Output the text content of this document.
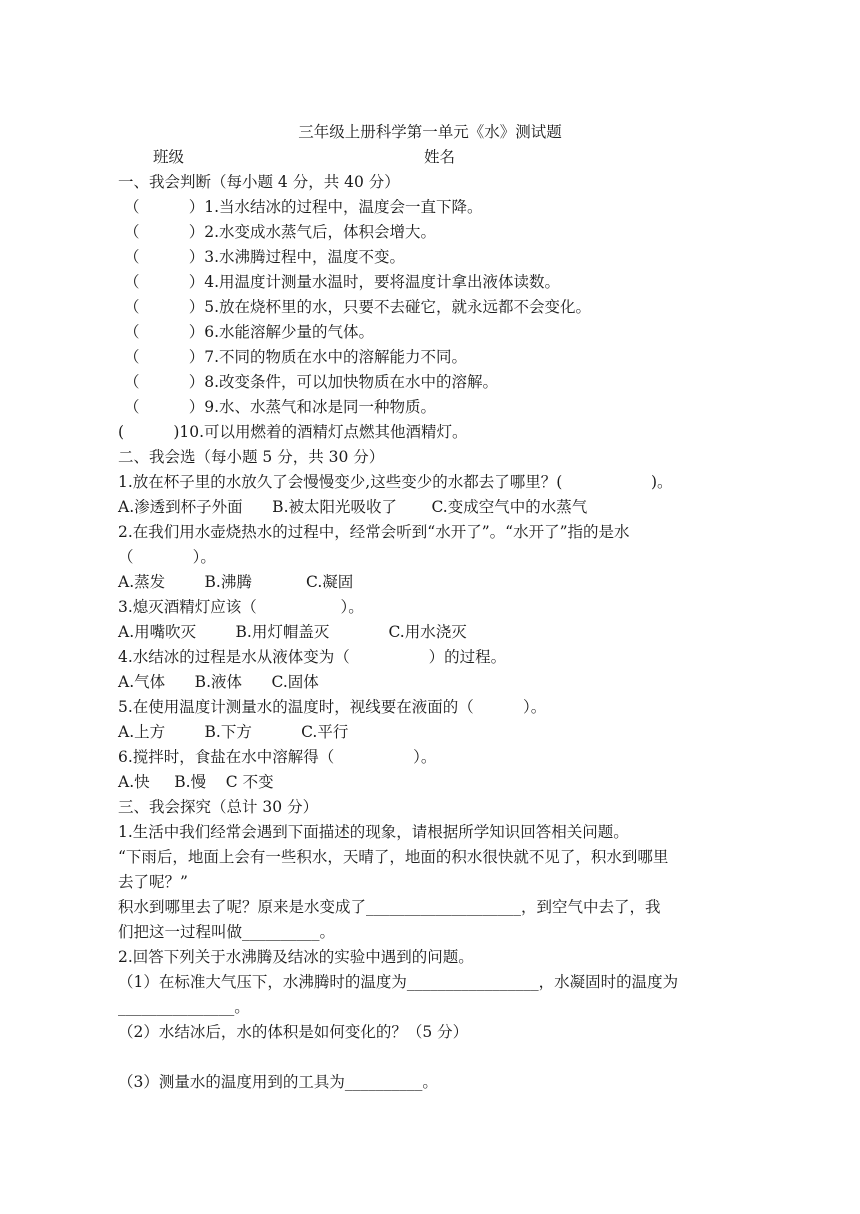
三年级上册科学第一单元《水》测试题
班级	姓名
一、我会判断（每小题 4 分，共 40 分）
（          ）1.当水结冰的过程中，温度会一直下降。
（          ）2.水变成水蒸气后，体积会增大。
（          ）3.水沸腾过程中，温度不变。
（          ）4.用温度计测量水温时，要将温度计拿出液体读数。
（          ）5.放在烧杯里的水，只要不去碰它，就永远都不会变化。
（          ）6.水能溶解少量的气体。
（          ）7.不同的物质在水中的溶解能力不同。
（          ）8.改变条件，可以加快物质在水中的溶解。
（          ）9.水、水蒸气和冰是同一种物质。
(          )10.可以用燃着的酒精灯点燃其他酒精灯。
二、我会选（每小题 5 分，共 30 分）
1.放在杯子里的水放久了会慢慢变少,这些变少的水都去了哪里？(                  )。
A.渗透到杯子外面      B.被太阳光吸收了       C.变成空气中的水蒸气
2.在我们用水壶烧热水的过程中，经常会听到“水开了”。“水开了”指的是水
（            ）。
A.蒸发        B.沸腾           C.凝固
3.熄灭酒精灯应该（                 ）。
A.用嘴吹灭        B.用灯帽盖灭            C.用水浇灭
4.水结冰的过程是水从液体变为（                ）的过程。
A.气体      B.液体      C.固体
5.在使用温度计测量水的温度时，视线要在液面的（          ）。
A.上方        B.下方          C.平行
6.搅拌时，食盐在水中溶解得（                ）。
A.快     B.慢    C 不变
三、我会探究（总计 30 分）
1.生活中我们经常会遇到下面描述的现象，请根据所学知识回答相关问题。
“下雨后，地面上会有一些积水，天晴了，地面的积水很快就不见了，积水到哪里
去了呢？”
积水到哪里去了呢？原来是水变成了____________________，到空气中去了，我
们把这一过程叫做__________。
2.回答下列关于水沸腾及结冰的实验中遇到的问题。
（1）在标准大气压下，水沸腾时的温度为_________________，水凝固时的温度为
_______________。
（2）水结冰后，水的体积是如何变化的？（5 分）
（3）测量水的温度用到的工具为__________。
